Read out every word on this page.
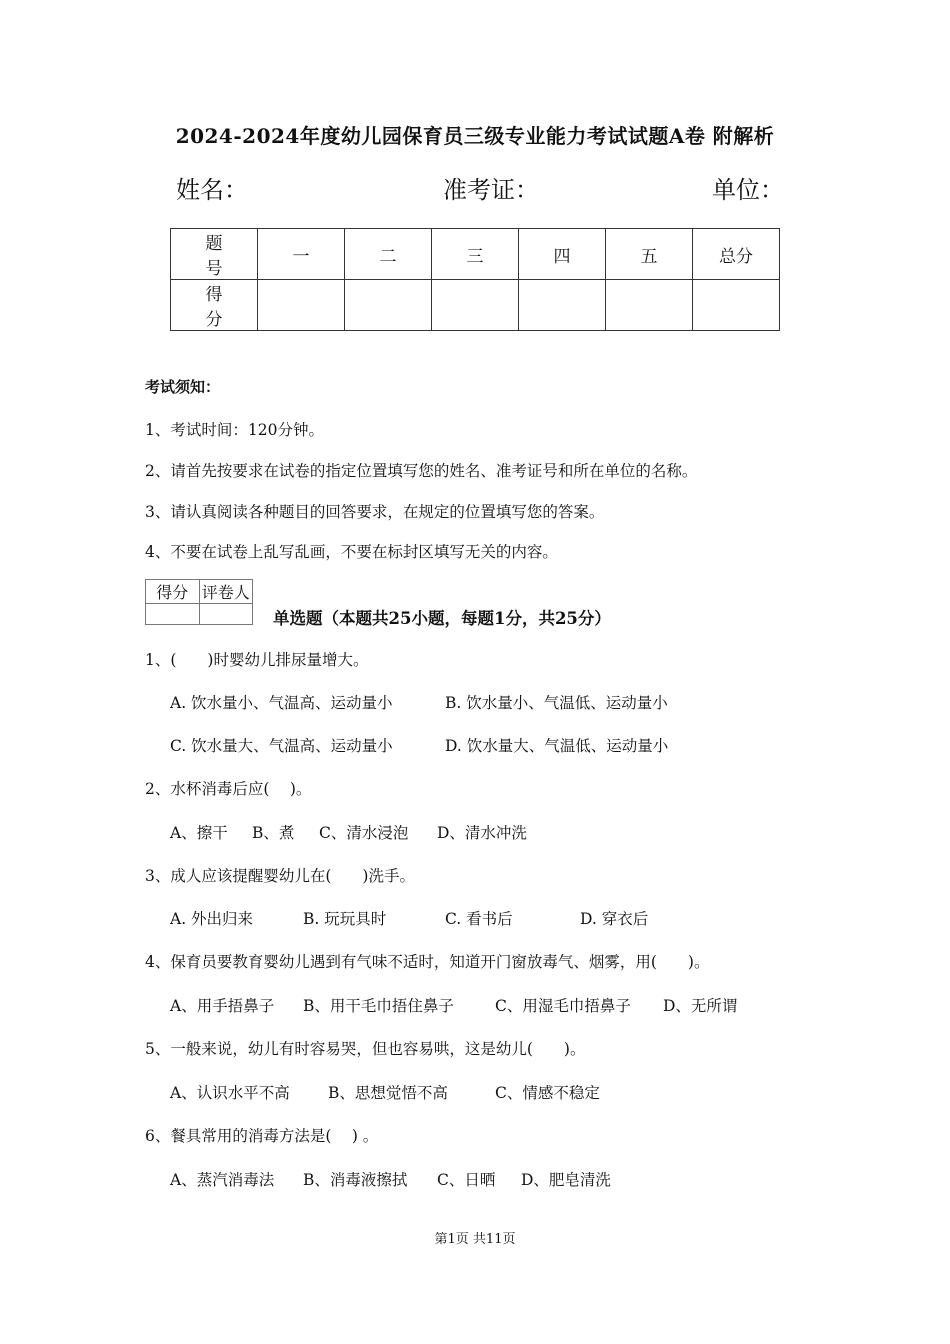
2024-2024年度幼儿园保育员三级专业能力考试试题A卷 附解析
姓名：	准考证：	单位：
题　号	一	二	三	四	五	总分
得　分						
考试须知：
1、考试时间：120分钟。
2、请首先按要求在试卷的指定位置填写您的姓名、准考证号和所在单位的名称。
3、请认真阅读各种题目的回答要求，在规定的位置填写您的答案。
4、不要在试卷上乱写乱画，不要在标封区填写无关的内容。
得分	评卷人

单选题（本题共25小题，每题1分，共25分）
1、(　　)时婴幼儿排尿量增大。
A. 饮水量小、气温高、运动量小	B. 饮水量小、气温低、运动量小
C. 饮水量大、气温高、运动量小	D. 饮水量大、气温低、运动量小
2、水杯消毒后应(　 )。
A、擦干 B、煮 C、清水浸泡 D、清水冲洗
3、成人应该提醒婴幼儿在(　　)洗手。
A. 外出归来	B. 玩玩具时	C. 看书后	D. 穿衣后
4、保育员要教育婴幼儿遇到有气味不适时，知道开门窗放毒气、烟雾，用(　　)。
A、用手捂鼻子 B、用干毛巾捂住鼻子	C、用湿毛巾捂鼻子 D、无所谓
5、一般来说，幼儿有时容易哭，但也容易哄，这是幼儿(　　)。
A、认识水平不高 B、思想觉悟不高	C、情感不稳定
6、餐具常用的消毒方法是(　 ) 。
A、蒸汽消毒法 B、消毒液擦拭 C、日晒 D、肥皂清洗
第1页 共11页
